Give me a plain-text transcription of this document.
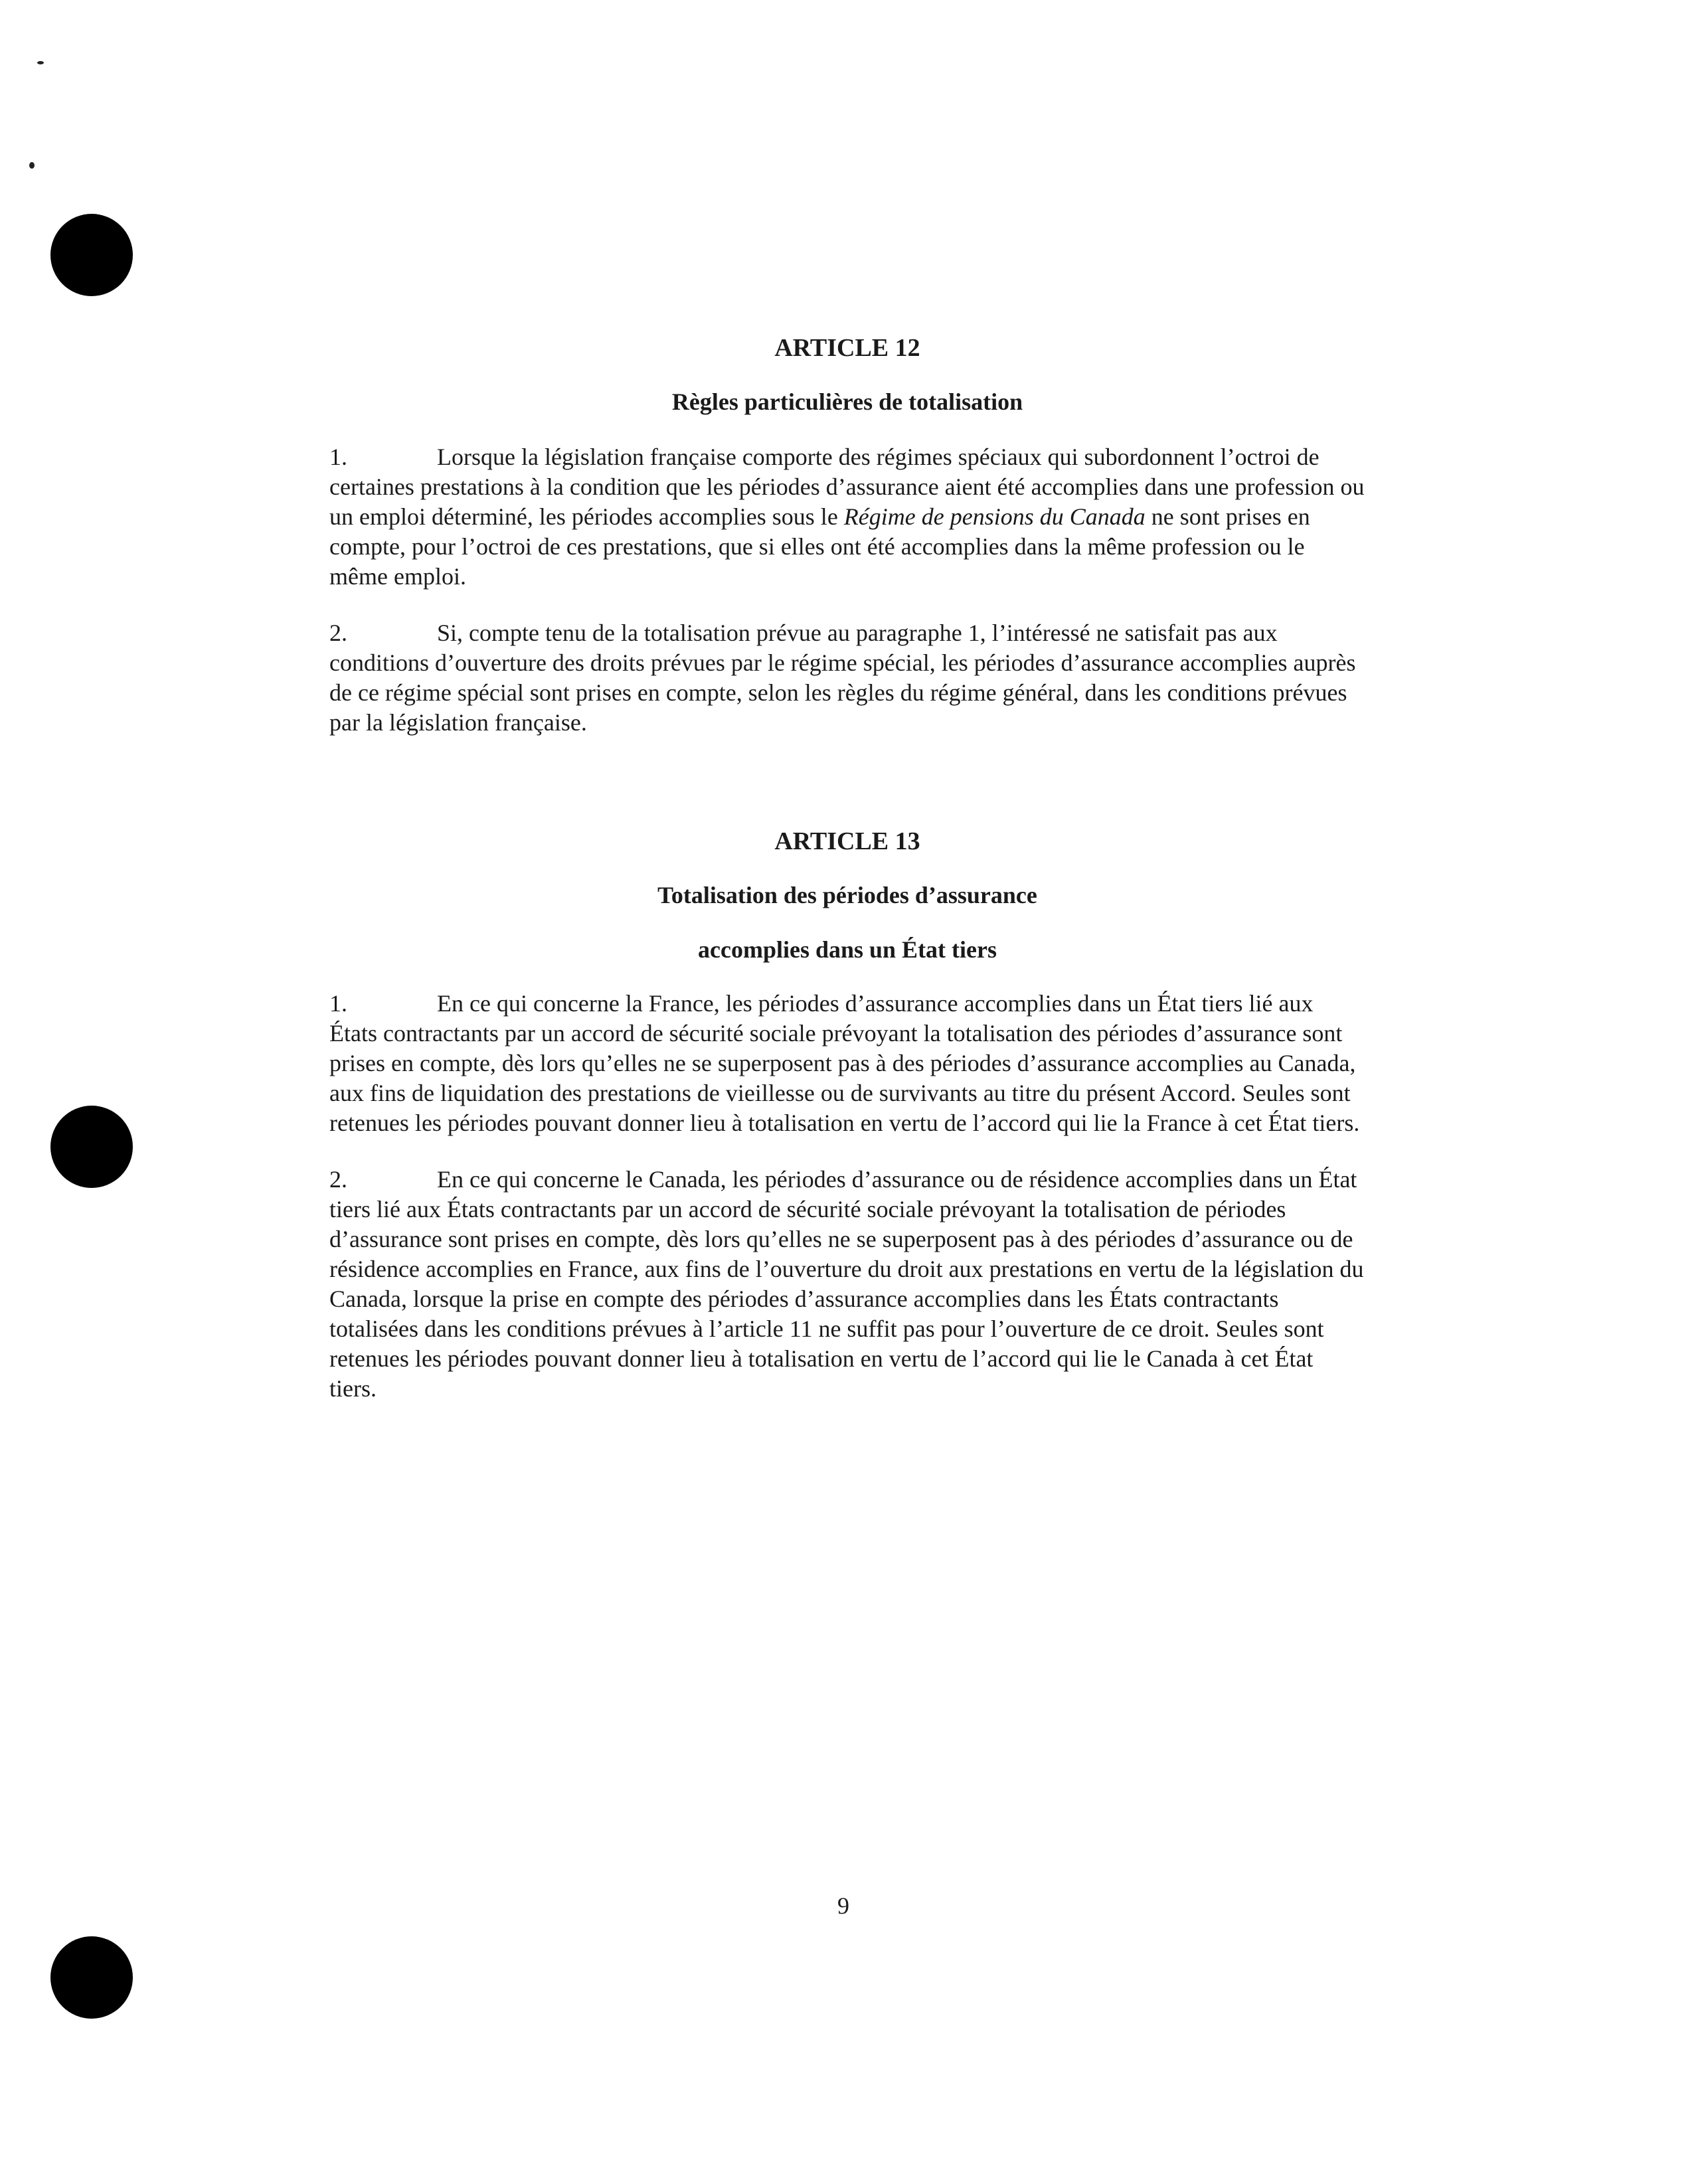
ARTICLE 12
Règles particulières de totalisation

1.	Lorsque la législation française comporte des régimes spéciaux qui subordonnent l’octroi de certaines prestations à la condition que les périodes d’assurance aient été accomplies dans une profession ou un emploi déterminé, les périodes accomplies sous le Régime de pensions du Canada ne sont prises en compte, pour l’octroi de ces prestations, que si elles ont été accomplies dans la même profession ou le même emploi.

2.	Si, compte tenu de la totalisation prévue au paragraphe 1, l’intéressé ne satisfait pas aux conditions d’ouverture des droits prévues par le régime spécial, les périodes d’assurance accomplies auprès de ce régime spécial sont prises en compte, selon les règles du régime général, dans les conditions prévues par la législation française.

ARTICLE 13
Totalisation des périodes d’assurance
accomplies dans un État tiers

1.	En ce qui concerne la France, les périodes d’assurance accomplies dans un État tiers lié aux États contractants par un accord de sécurité sociale prévoyant la totalisation des périodes d’assurance sont prises en compte, dès lors qu’elles ne se superposent pas à des périodes d’assurance accomplies au Canada, aux fins de liquidation des prestations de vieillesse ou de survivants au titre du présent Accord. Seules sont retenues les périodes pouvant donner lieu à totalisation en vertu de l’accord qui lie la France à cet État tiers.

2.	En ce qui concerne le Canada, les périodes d’assurance ou de résidence accomplies dans un État tiers lié aux États contractants par un accord de sécurité sociale prévoyant la totalisation de périodes d’assurance sont prises en compte, dès lors qu’elles ne se superposent pas à des périodes d’assurance ou de résidence accomplies en France, aux fins de l’ouverture du droit aux prestations en vertu de la législation du Canada, lorsque la prise en compte des périodes d’assurance accomplies dans les États contractants totalisées dans les conditions prévues à l’article 11 ne suffit pas pour l’ouverture de ce droit. Seules sont retenues les périodes pouvant donner lieu à totalisation en vertu de l’accord qui lie le Canada à cet État tiers.

9
